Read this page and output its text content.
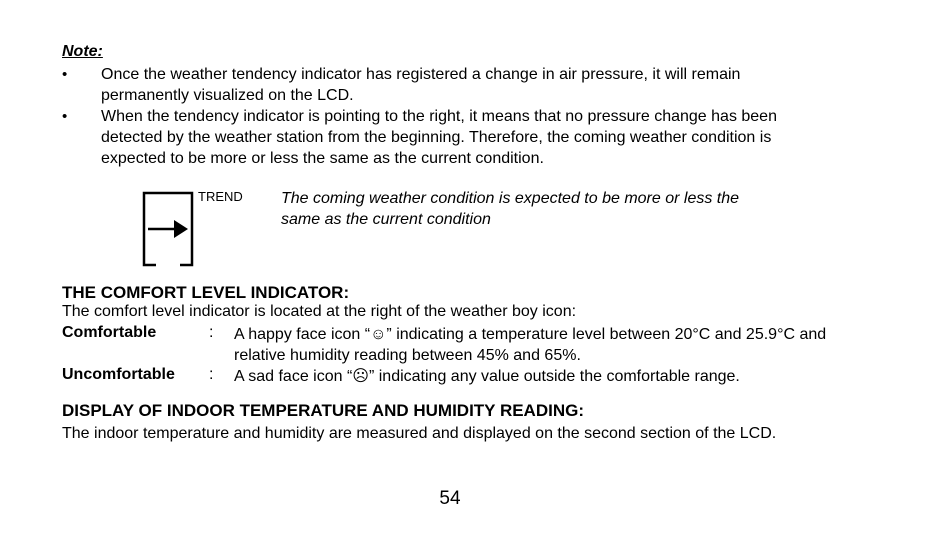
Note:
•	Once the weather tendency indicator has registered a change in air pressure, it will remain permanently visualized on the LCD.
•	When the tendency indicator is pointing to the right, it means that no pressure change has been detected by the weather station from the beginning. Therefore, the coming weather condition is expected to be more or less the same as the current condition.
TREND The coming weather condition is expected to be more or less the same as the current condition
THE COMFORT LEVEL INDICATOR:
The comfort level indicator is located at the right of the weather boy icon:
Comfortable	: A happy face icon “☺” indicating a temperature level between 20°C and 25.9°C and relative humidity reading between 45% and 65%.
Uncomfortable : A sad face icon “☹” indicating any value outside the comfortable range.
DISPLAY OF INDOOR TEMPERATURE AND HUMIDITY READING:
The indoor temperature and humidity are measured and displayed on the second section of the LCD.
54
